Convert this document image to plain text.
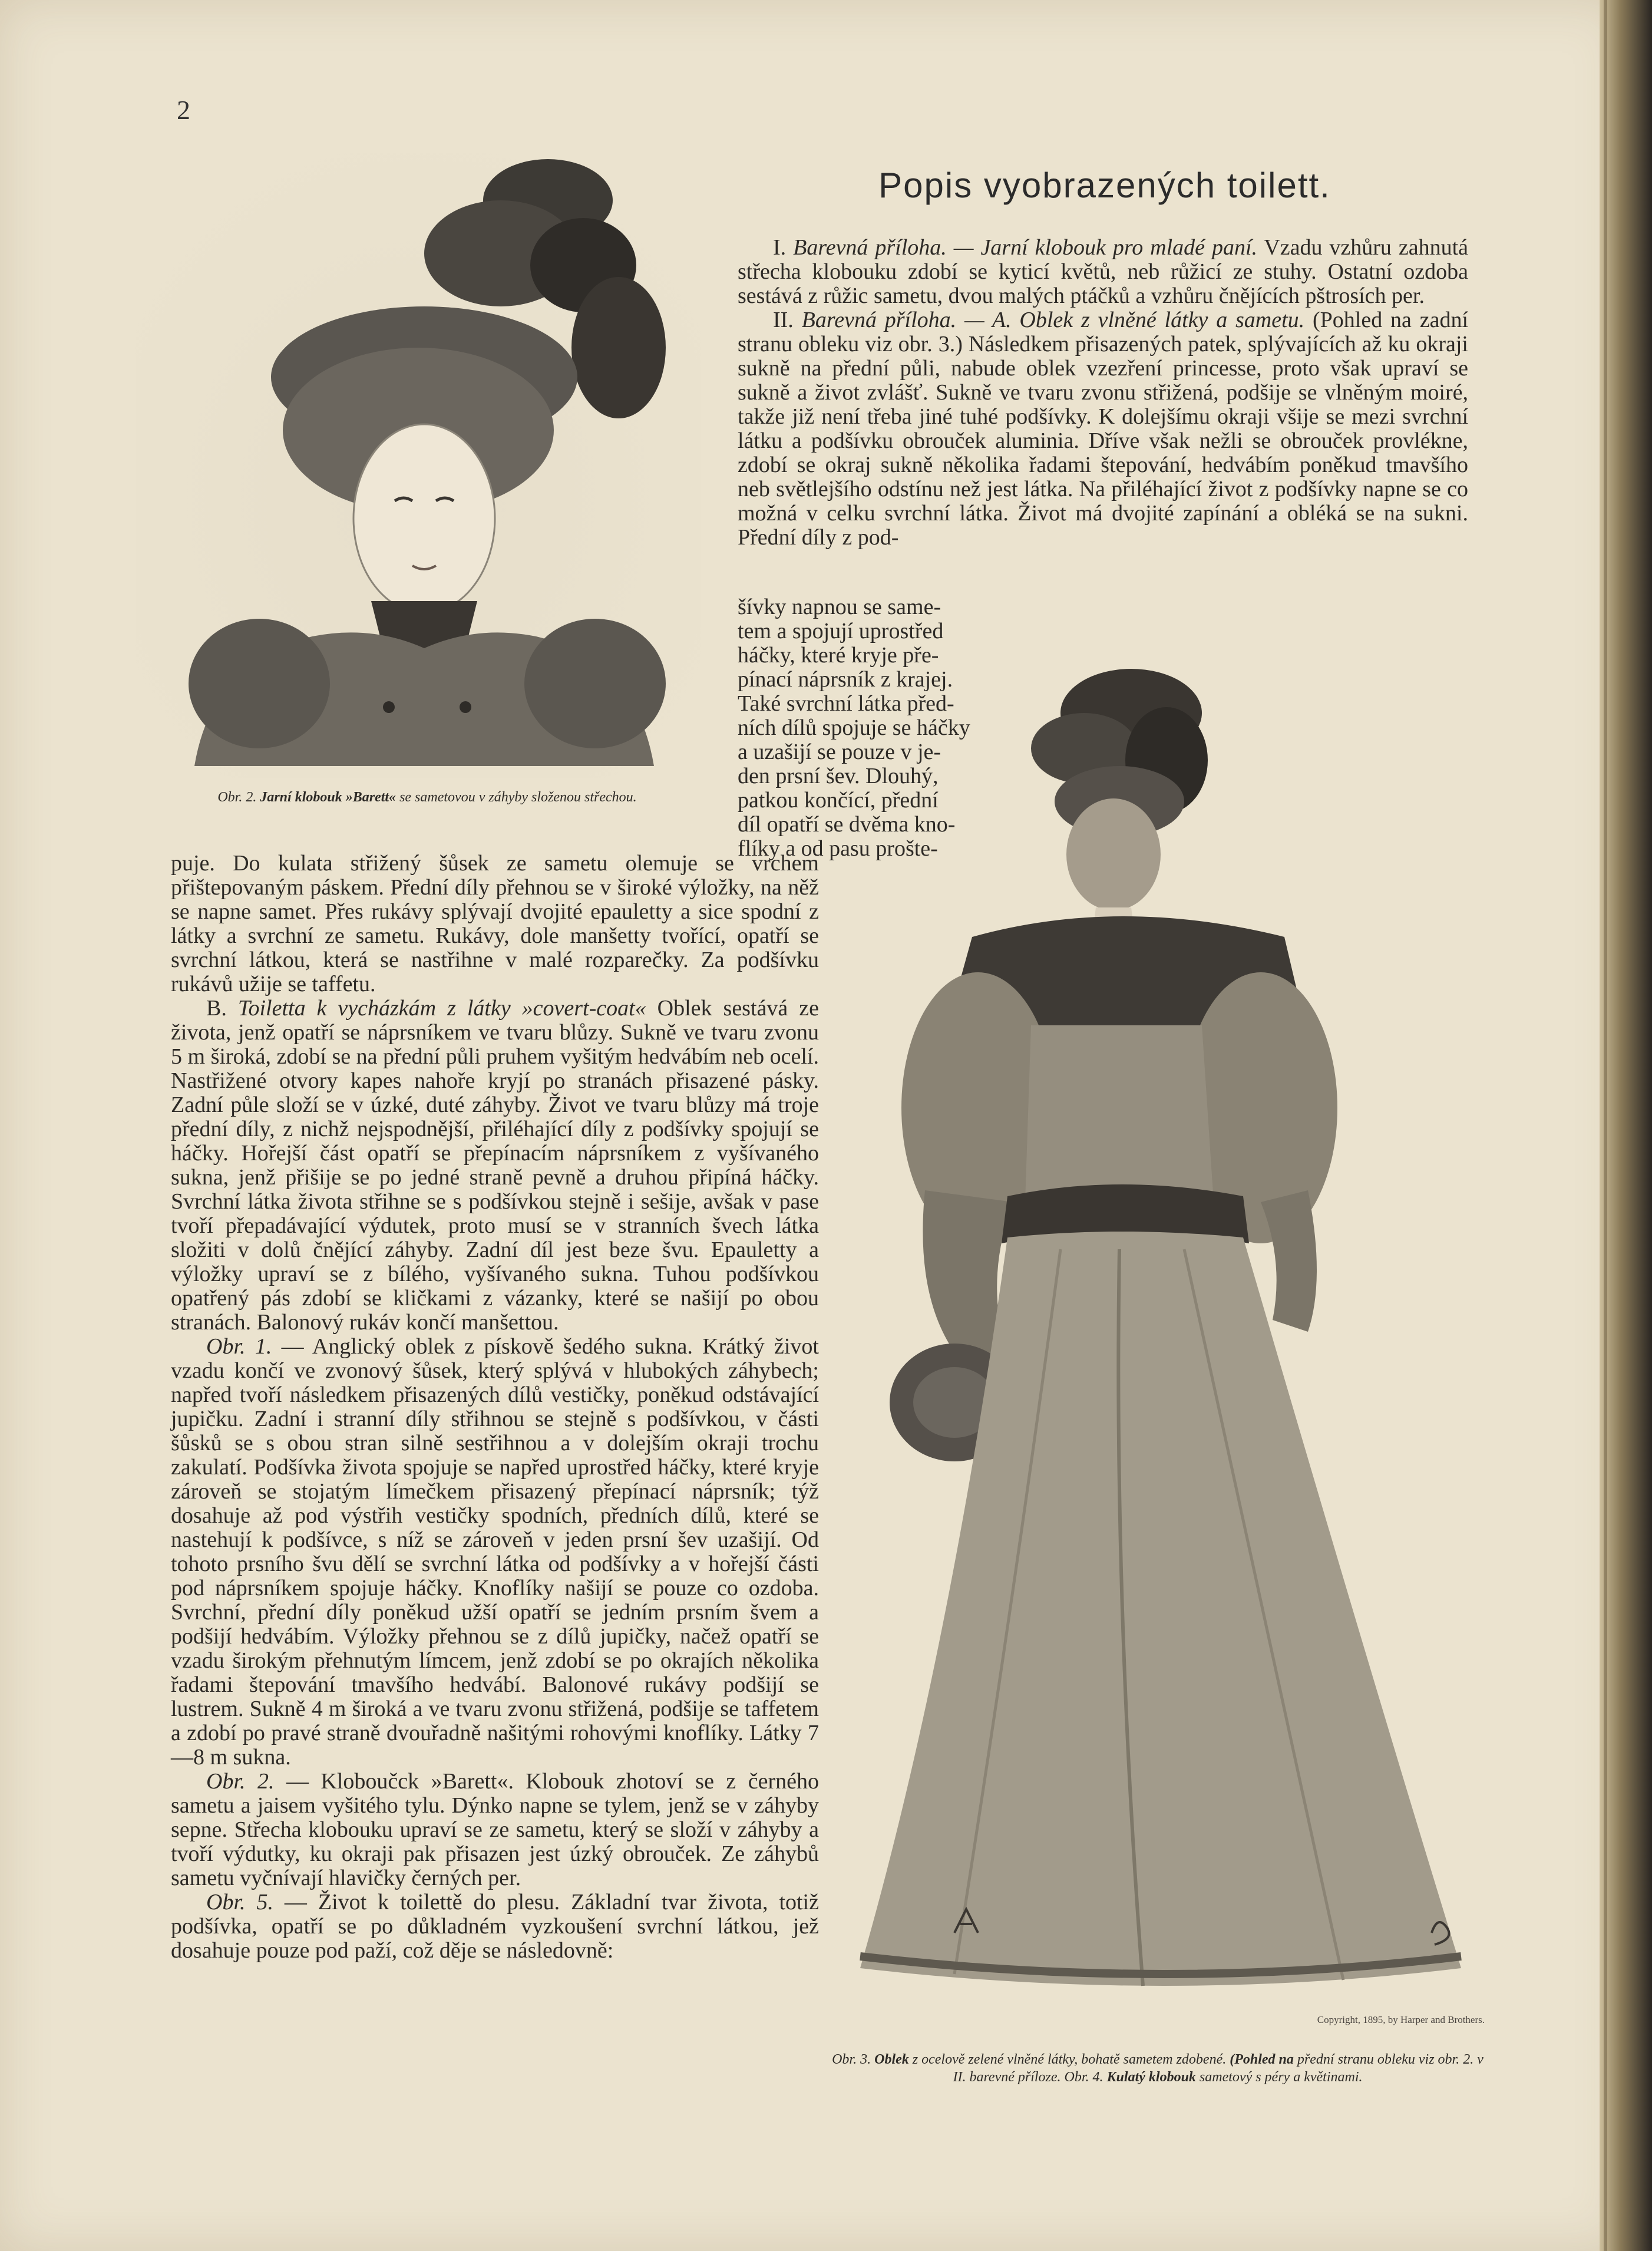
2
Popis vyobrazených toilett.
Obr. 2. Jarní klobouk »Barett« se sametovou v záhyby složenou střechou.

I. Barevná příloha. — Jarní klobouk pro mladé paní. Vzadu vzhůru zahnutá střecha klobouku zdobí se kyticí květů, neb růžicí ze stuhy. Ostatní ozdoba sestává z růžic sametu, dvou malých ptáčků a vzhůru čnějících pštrosích per.

II. Barevná příloha. — A. Oblek z vlněné látky a sametu. (Pohled na zadní stranu obleku viz obr. 3.) Následkem přisazených patek, splývajících až ku okraji sukně na přední půli, nabude oblek vzezření princesse, proto však upraví se sukně a život zvlášť. Sukně ve tvaru zvonu střižená, podšije se vlněným moiré, takže již není třeba jiné tuhé podšívky. K dolejšímu okraji všije se mezi svrchní látku a podšívku obrouček aluminia. Dříve však nežli se obrouček provlékne, zdobí se okraj sukně několika řadami štepování, hedvábím poněkud tmavšího neb světlejšího odstínu než jest látka. Na přiléhající život z podšívky napne se co možná v celku svrchní látka. Život má dvojité zapínání a obléká se na sukni. Přední díly z pod-

šívky napnou se same-
tem a spojují uprostřed
háčky, které kryje pře-
pínací náprsník z krajej.
Také svrchní látka před-
ních dílů spojuje se háčky
a uzašijí se pouze v je-
den prsní šev. Dlouhý,
patkou končící, přední
díl opatří se dvěma kno-
flíky a od pasu prošte-

puje. Do kulata střižený šůsek ze sametu olemuje se vrchem přištepovaným páskem. Přední díly přehnou se v široké výložky, na něž se napne samet. Přes rukávy splývají dvojité epauletty a sice spodní z látky a svrchní ze sametu. Rukávy, dole manšetty tvořící, opatří se svrchní látkou, která se nastřihne v malé rozparečky. Za podšívku rukávů užije se taffetu.

B. Toiletta k vycházkám z látky »covert-coat« Oblek sestává ze života, jenž opatří se náprsníkem ve tvaru blůzy. Sukně ve tvaru zvonu 5 m široká, zdobí se na přední půli pruhem vyšitým hedvábím neb ocelí. Nastřižené otvory kapes nahoře kryjí po stranách přisazené pásky. Zadní půle složí se v úzké, duté záhyby. Život ve tvaru blůzy má troje přední díly, z nichž nejspodnější, přiléhající díly z podšívky spojují se háčky. Hořejší část opatří se přepínacím náprsníkem z vyšívaného sukna, jenž přišije se po jedné straně pevně a druhou připíná háčky. Svrchní látka života střihne se s podšívkou stejně i sešije, avšak v pase tvoří přepadávající výdutek, proto musí se v stranních švech látka složiti v dolů čnějící záhyby. Zadní díl jest beze švu. Epauletty a výložky upraví se z bílého, vyšívaného sukna. Tuhou podšívkou opatřený pás zdobí se kličkami z vázanky, které se našijí po obou stranách. Balonový rukáv končí manšettou.

Obr. 1. — Anglický oblek z pískově šedého sukna. Krátký život vzadu končí ve zvonový šůsek, který splývá v hlubokých záhybech; napřed tvoří následkem přisazených dílů vestičky, poněkud odstávající jupičku. Zadní i stranní díly střihnou se stejně s podšívkou, v části šůsků se s obou stran silně sestřihnou a v dolejším okraji trochu zakulatí. Podšívka života spojuje se napřed uprostřed háčky, které kryje zároveň se stojatým límečkem přisazený přepínací náprsník; týž dosahuje až pod výstřih vestičky spodních, předních dílů, které se nastehují k podšívce, s níž se zároveň v jeden prsní šev uzašijí. Od tohoto prsního švu dělí se svrchní látka od podšívky a v hořejší části pod náprsníkem spojuje háčky. Knoflíky našijí se pouze co ozdoba. Svrchní, přední díly poněkud užší opatří se jedním prsním švem a podšijí hedvábím. Výložky přehnou se z dílů jupičky, načež opatří se vzadu širokým přehnutým límcem, jenž zdobí se po okrajích několika řadami štepování tmavšího hedvábí. Balonové rukávy podšijí se lustrem. Sukně 4 m široká a ve tvaru zvonu střižená, podšije se taffetem a zdobí po pravé straně dvouřadně našitými rohovými knoflíky. Látky 7—8 m sukna.

Obr. 2. — Kloboučck »Barett«. Klobouk zhotoví se z černého sametu a jaisem vyšitého tylu. Dýnko napne se tylem, jenž se v záhyby sepne. Střecha klobouku upraví se ze sametu, který se složí v záhyby a tvoří výdutky, ku okraji pak přisazen jest úzký obrouček. Ze záhybů sametu vyčnívají hlavičky černých per.

Obr. 5. — Život k toilettě do plesu. Základní tvar života, totiž podšívka, opatří se po důkladném vyzkoušení svrchní látkou, jež dosahuje pouze pod paží, což děje se následovně:

Copyright, 1895, by Harper and Brothers.
Obr. 3. Oblek z ocelově zelené vlněné látky, bohatě sametem zdobené. (Pohled na přední stranu obleku viz obr. 2. v II. barevné příloze. Obr. 4. Kulatý klobouk sametový s péry a květinami.
